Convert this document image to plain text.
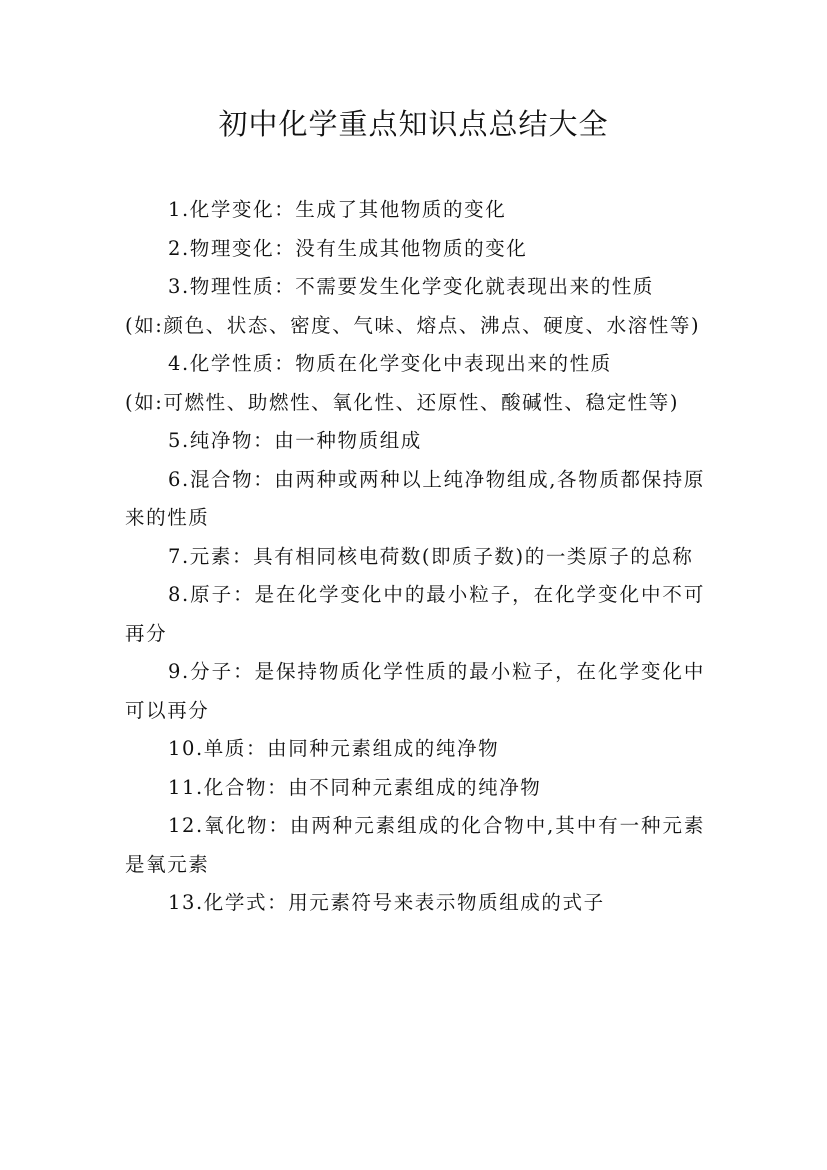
初中化学重点知识点总结大全

1.化学变化：生成了其他物质的变化

2.物理变化：没有生成其他物质的变化

3.物理性质：不需要发生化学变化就表现出来的性质

(如:颜色、状态、密度、气味、熔点、沸点、硬度、水溶性等)

4.化学性质：物质在化学变化中表现出来的性质

(如:可燃性、助燃性、氧化性、还原性、酸碱性、稳定性等)

5.纯净物：由一种物质组成

6.混合物：由两种或两种以上纯净物组成,各物质都保持原来的性质

7.元素：具有相同核电荷数(即质子数)的一类原子的总称

8.原子：是在化学变化中的最小粒子，在化学变化中不可再分

9.分子：是保持物质化学性质的最小粒子，在化学变化中可以再分

10.单质：由同种元素组成的纯净物

11.化合物：由不同种元素组成的纯净物

12.氧化物：由两种元素组成的化合物中,其中有一种元素是氧元素

13.化学式：用元素符号来表示物质组成的式子
